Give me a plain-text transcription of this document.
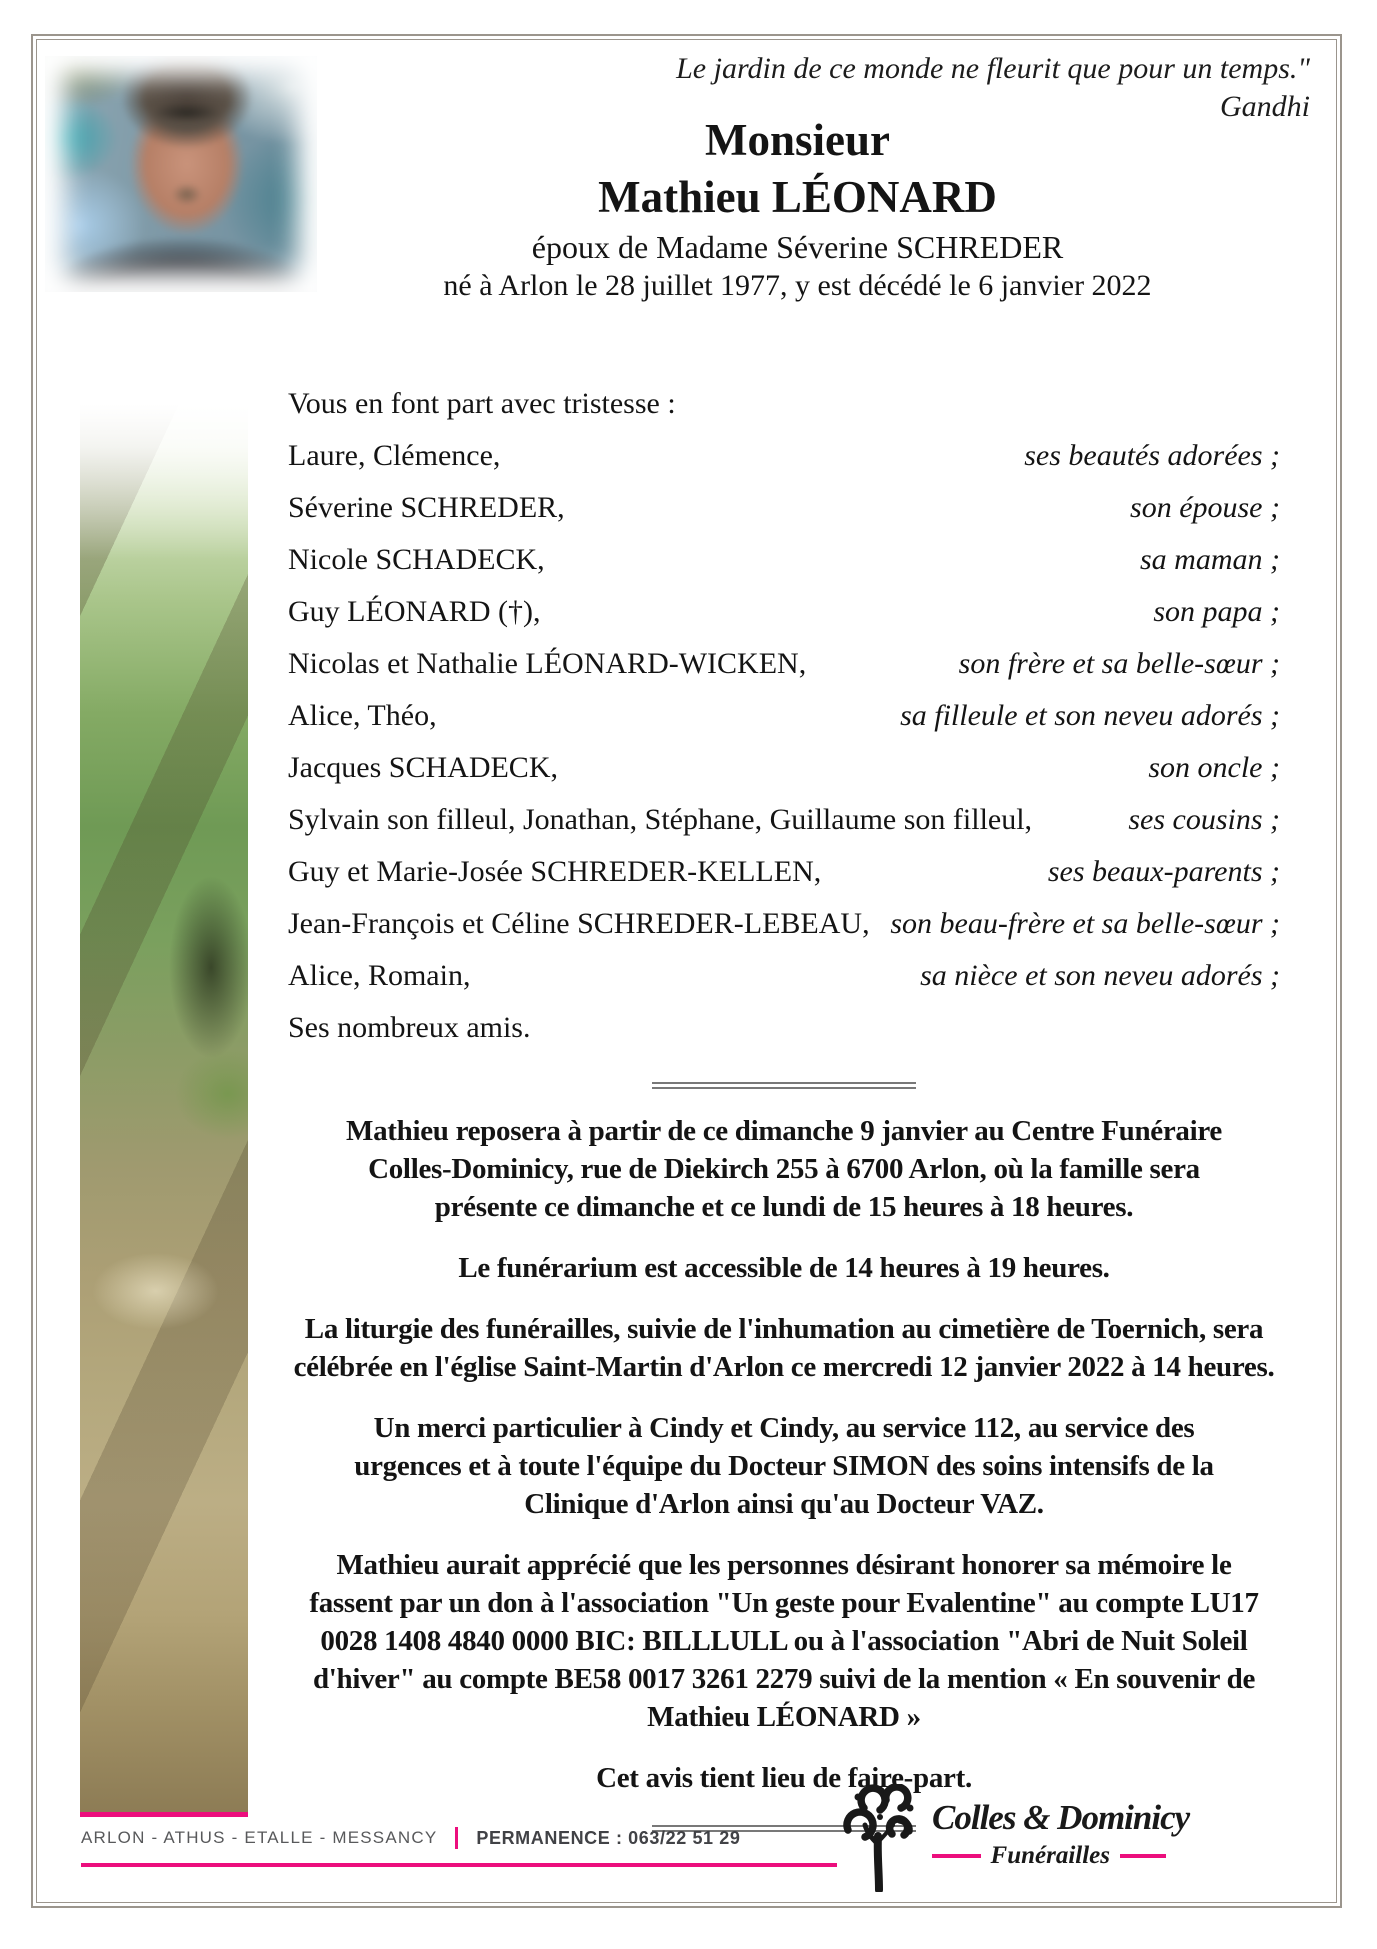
Le jardin de ce monde ne fleurit que pour un temps."
Gandhi
Monsieur
Mathieu LÉONARD
époux de Madame Séverine SCHREDER
né à Arlon le 28 juillet 1977, y est décédé le 6 janvier 2022
Vous en font part avec tristesse :
Laure, Clémence,	ses beautés adorées ;
Séverine SCHREDER,	son épouse ;
Nicole SCHADECK,	sa maman ;
Guy LÉONARD (†),	son papa ;
Nicolas et Nathalie LÉONARD-WICKEN,	son frère et sa belle-sœur ;
Alice, Théo,	sa filleule et son neveu adorés ;
Jacques SCHADECK,	son oncle ;
Sylvain son filleul, Jonathan, Stéphane, Guillaume son filleul,	ses cousins ;
Guy et Marie-Josée SCHREDER-KELLEN,	ses beaux-parents ;
Jean-François et Céline SCHREDER-LEBEAU, son beau-frère et sa belle-sœur ;
Alice, Romain,	sa nièce et son neveu adorés ;
Ses nombreux amis.
Mathieu reposera à partir de ce dimanche 9 janvier au Centre Funéraire Colles-Dominicy, rue de Diekirch 255 à 6700 Arlon, où la famille sera présente ce dimanche et ce lundi de 15 heures à 18 heures.
Le funérarium est accessible de 14 heures à 19 heures.
La liturgie des funérailles, suivie de l'inhumation au cimetière de Toernich, sera célébrée en l'église Saint-Martin d'Arlon ce mercredi 12 janvier 2022 à 14 heures.
Un merci particulier à Cindy et Cindy, au service 112, au service des urgences et à toute l'équipe du Docteur SIMON des soins intensifs de la Clinique d'Arlon ainsi qu'au Docteur VAZ.
Mathieu aurait apprécié que les personnes désirant honorer sa mémoire le fassent par un don à l'association "Un geste pour Evalentine" au compte LU17 0028 1408 4840 0000 BIC: BILLLULL ou à l'association "Abri de Nuit Soleil d'hiver" au compte BE58 0017 3261 2279 suivi de la mention « En souvenir de Mathieu LÉONARD »
Cet avis tient lieu de faire-part.
ARLON - ATHUS - ETALLE - MESSANCY PERMANENCE : 063/22 51 29
Colles & Dominicy
Funérailles
